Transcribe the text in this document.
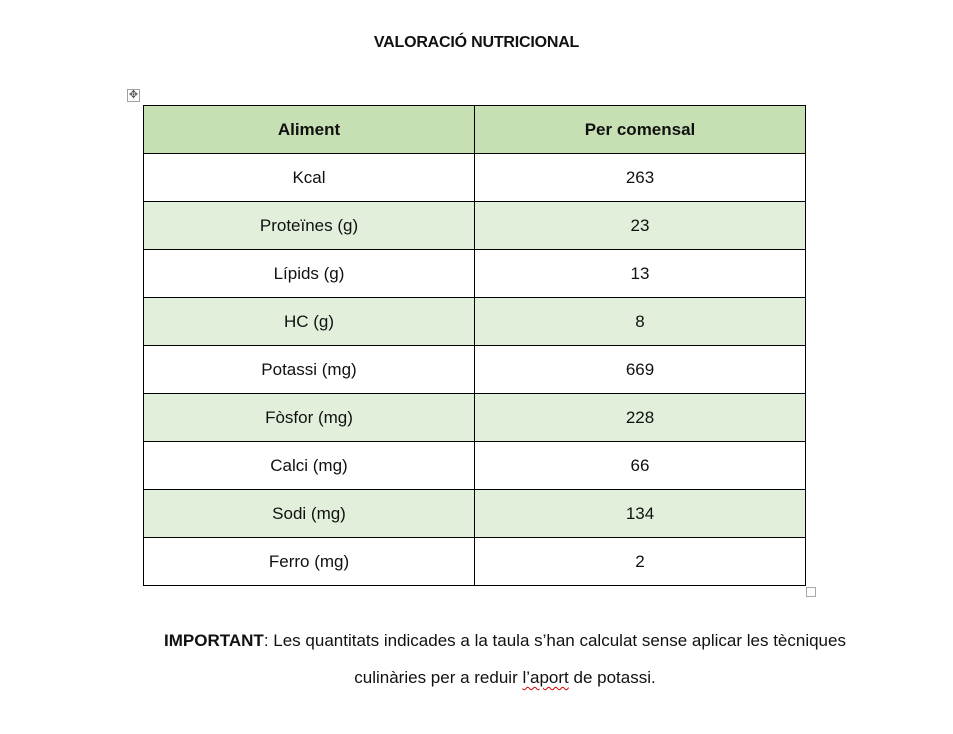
VALORACIÓ NUTRICIONAL
✥
Aliment	Per comensal
Kcal	263
Proteïnes (g)	23
Lípids (g)	13
HC (g)	8
Potassi (mg)	669
Fòsfor (mg)	228
Calci (mg)	66
Sodi (mg)	134
Ferro (mg)	2
IMPORTANT: Les quantitats indicades a la taula s’han calculat sense aplicar les tècniques culinàries per a reduir l’aport de potassi.
